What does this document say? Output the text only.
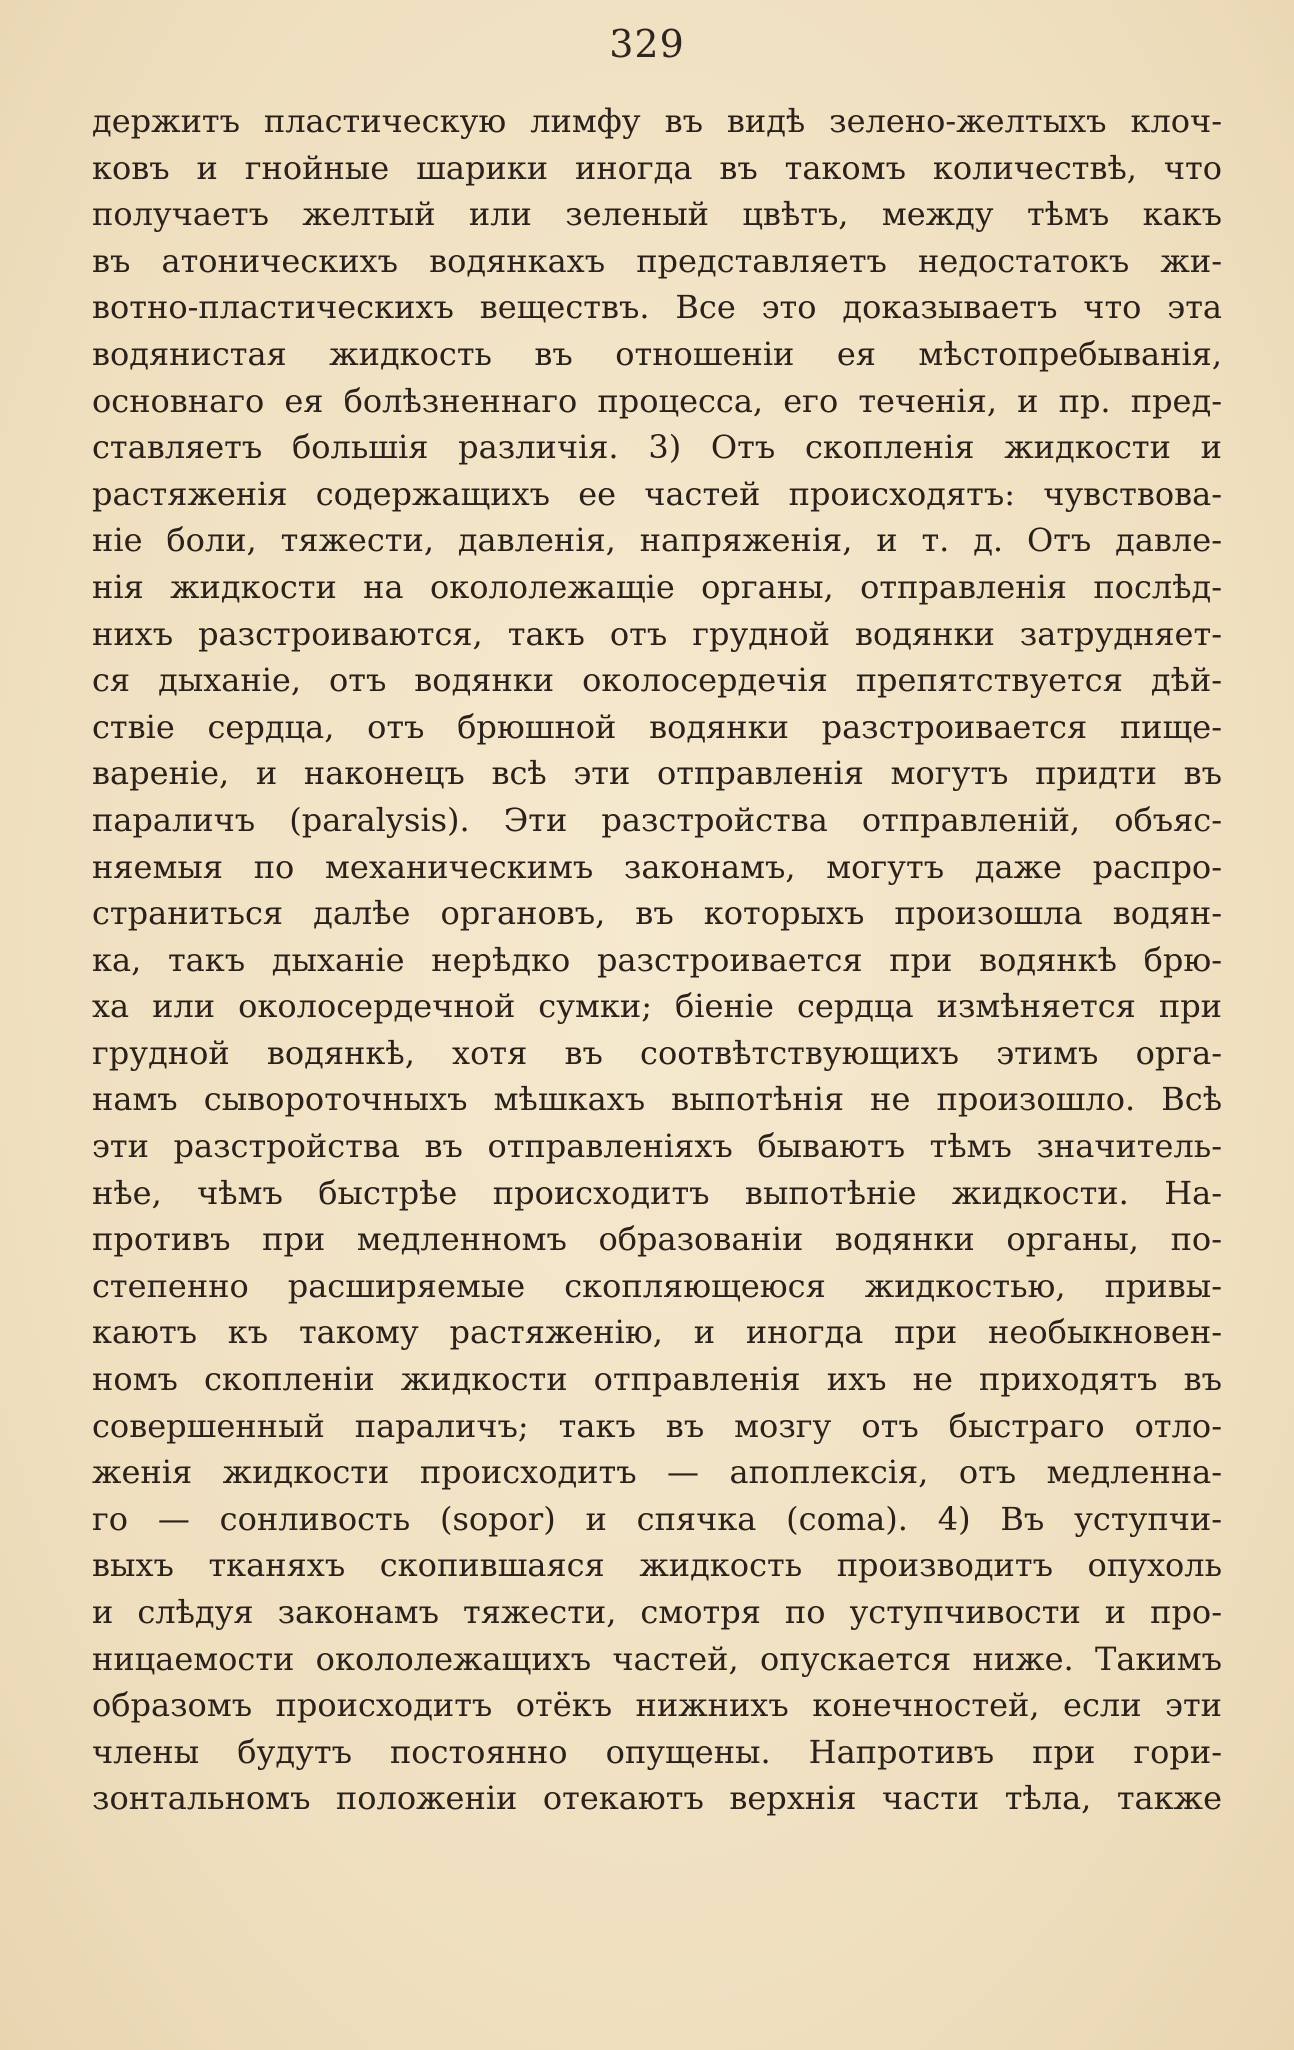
329
держитъ пластическую лимфу въ видѣ зелено-желтыхъ клоч-
ковъ и гнойные шарики иногда въ такомъ количествѣ, что
получаетъ желтый или зеленый цвѣтъ, между тѣмъ какъ
въ атоническихъ водянкахъ представляетъ недостатокъ жи-
вотно-пластическихъ веществъ. Все это доказываетъ что эта
водянистая жидкость въ отношеніи ея мѣстопребыванія,
основнаго ея болѣзненнаго процесса, его теченія, и пр. пред-
ставляетъ большія различія. 3) Отъ скопленія жидкости и
растяженія содержащихъ ее частей происходятъ: чувствова-
ніе боли, тяжести, давленія, напряженія, и т. д. Отъ давле-
нія жидкости на окололежащіе органы, отправленія послѣд-
нихъ разстроиваются, такъ отъ грудной водянки затрудняет-
ся дыханіе, отъ водянки околосердечія препятствуется дѣй-
ствіе сердца, отъ брюшной водянки разстроивается пище-
вареніе, и наконецъ всѣ эти отправленія могутъ придти въ
параличъ (paralysis). Эти разстройства отправленій, объяс-
няемыя по механическимъ законамъ, могутъ даже распро-
страниться далѣе органовъ, въ которыхъ произошла водян-
ка, такъ дыханіе нерѣдко разстроивается при водянкѣ брю-
ха или околосердечной сумки; біеніе сердца измѣняется при
грудной водянкѣ, хотя въ соотвѣтствующихъ этимъ орга-
намъ сывороточныхъ мѣшкахъ выпотѣнія не произошло. Всѣ
эти разстройства въ отправленіяхъ бываютъ тѣмъ значитель-
нѣе, чѣмъ быстрѣе происходитъ выпотѣніе жидкости. На-
противъ при медленномъ образованіи водянки органы, по-
степенно расширяемые скопляющеюся жидкостью, привы-
каютъ къ такому растяженію, и иногда при необыкновен-
номъ скопленіи жидкости отправленія ихъ не приходятъ въ
совершенный параличъ; такъ въ мозгу отъ быстраго отло-
женія жидкости происходитъ — апоплексія, отъ медленна-
го — сонливость (sopor) и спячка (coma). 4) Въ уступчи-
выхъ тканяхъ скопившаяся жидкость производитъ опухоль
и слѣдуя законамъ тяжести, смотря по уступчивости и про-
ницаемости окололежащихъ частей, опускается ниже. Такимъ
образомъ происходитъ отёкъ нижнихъ конечностей, если эти
члены будутъ постоянно опущены. Напротивъ при гори-
зонтальномъ положеніи отекаютъ верхнія части тѣла, также
